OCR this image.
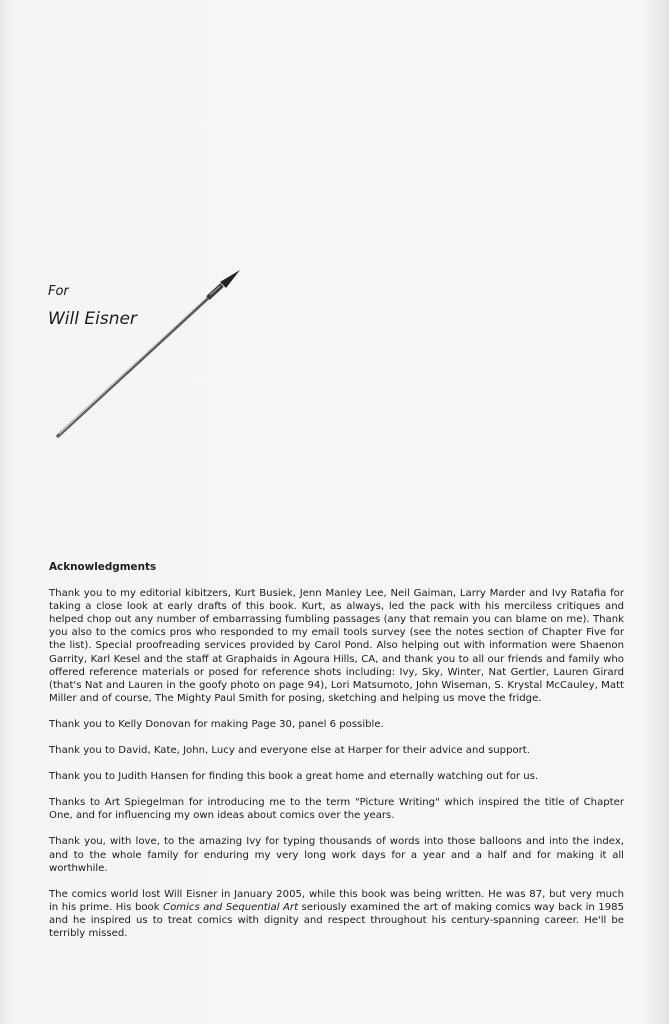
For
Will Eisner
Acknowledgments

Thank you to my editorial kibitzers, Kurt Busiek, Jenn Manley Lee, Neil Gaiman, Larry Marder and Ivy Ratafia for taking a close look at early drafts of this book. Kurt, as always, led the pack with his merciless critiques and helped chop out any number of embarrassing fumbling passages (any that remain you can blame on me). Thank you also to the comics pros who responded to my email tools survey (see the notes section of Chapter Five for the list). Special proofreading services provided by Carol Pond. Also helping out with information were Shaenon Garrity, Karl Kesel and the staff at Graphaids in Agoura Hills, CA, and thank you to all our friends and family who offered reference materials or posed for reference shots including: Ivy, Sky, Winter, Nat Gertler, Lauren Girard (that's Nat and Lauren in the goofy photo on page 94), Lori Matsumoto, John Wiseman, S. Krystal McCauley, Matt Miller and of course, The Mighty Paul Smith for posing, sketching and helping us move the fridge.

Thank you to Kelly Donovan for making Page 30, panel 6 possible.

Thank you to David, Kate, John, Lucy and everyone else at Harper for their advice and support.

Thank you to Judith Hansen for finding this book a great home and eternally watching out for us.

Thanks to Art Spiegelman for introducing me to the term "Picture Writing" which inspired the title of Chapter One, and for influencing my own ideas about comics over the years.

Thank you, with love, to the amazing Ivy for typing thousands of words into those balloons and into the index, and to the whole family for enduring my very long work days for a year and a half and for making it all worthwhile.

The comics world lost Will Eisner in January 2005, while this book was being written. He was 87, but very much in his prime. His book Comics and Sequential Art seriously examined the art of making comics way back in 1985 and he inspired us to treat comics with dignity and respect throughout his century-spanning career. He'll be terribly missed.
